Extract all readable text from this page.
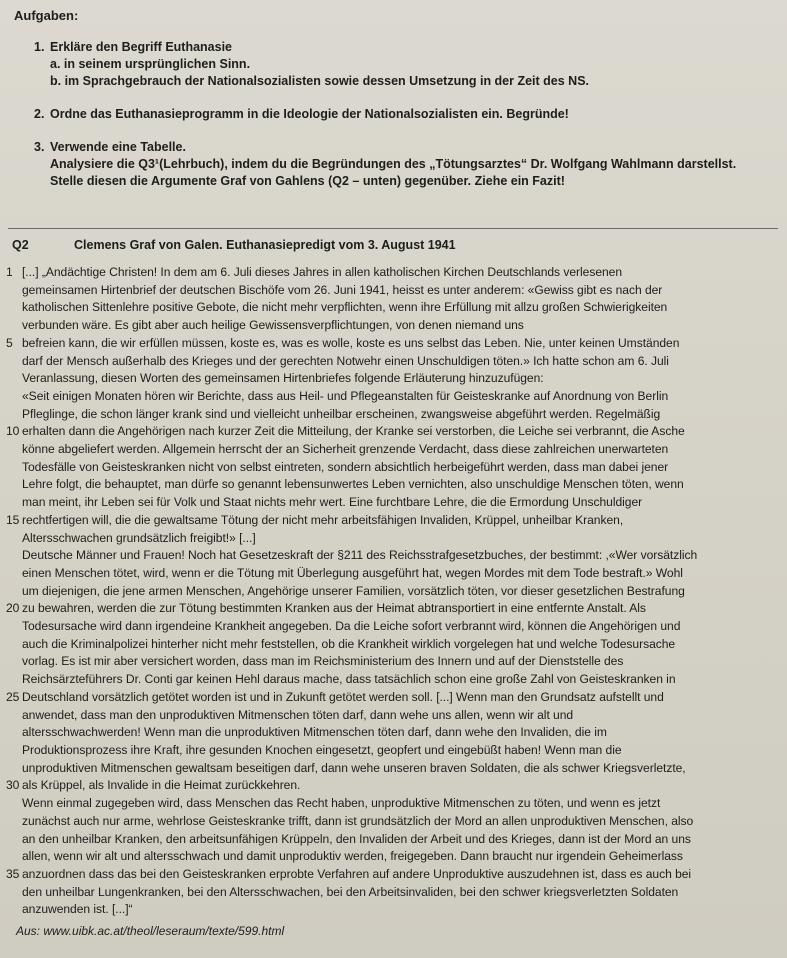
Aufgaben:
1. Erkläre den Begriff Euthanasie
a. in seinem ursprünglichen Sinn.
b. im Sprachgebrauch der Nationalsozialisten sowie dessen Umsetzung in der Zeit des NS.
2. Ordne das Euthanasieprogramm in die Ideologie der Nationalsozialisten ein. Begründe!
3. Verwende eine Tabelle.
Analysiere die Q3¹(Lehrbuch), indem du die Begründungen des „Tötungsarztes“ Dr. Wolfgang Wahlmann darstellst.
Stelle diesen die Argumente Graf von Gahlens (Q2 – unten) gegenüber. Ziehe ein Fazit!
Q2	Clemens Graf von Galen. Euthanasiepredigt vom 3. August 1941
1 [...] „Andächtige Christen! In dem am 6. Juli dieses Jahres in allen katholischen Kirchen Deutschlands verlesenen
gemeinsamen Hirtenbrief der deutschen Bischöfe vom 26. Juni 1941, heisst es unter anderem: «Gewiss gibt es nach der
katholischen Sittenlehre positive Gebote, die nicht mehr verpflichten, wenn ihre Erfüllung mit allzu großen Schwierigkeiten
verbunden wäre. Es gibt aber auch heilige Gewissensverpflichtungen, von denen niemand uns
5 befreien kann, die wir erfüllen müssen, koste es, was es wolle, koste es uns selbst das Leben. Nie, unter keinen Umständen
darf der Mensch außerhalb des Krieges und der gerechten Notwehr einen Unschuldigen töten.» Ich hatte schon am 6. Juli
Veranlassung, diesen Worten des gemeinsamen Hirtenbriefes folgende Erläuterung hinzuzufügen:
«Seit einigen Monaten hören wir Berichte, dass aus Heil- und Pflegeanstalten für Geisteskranke auf Anordnung von Berlin
Pfleglinge, die schon länger krank sind und vielleicht unheilbar erscheinen, zwangsweise abgeführt werden. Regelmäßig
10 erhalten dann die Angehörigen nach kurzer Zeit die Mitteilung, der Kranke sei verstorben, die Leiche sei verbrannt, die Asche
könne abgeliefert werden. Allgemein herrscht der an Sicherheit grenzende Verdacht, dass diese zahlreichen unerwarteten
Todesfälle von Geisteskranken nicht von selbst eintreten, sondern absichtlich herbeigeführt werden, dass man dabei jener
Lehre folgt, die behauptet, man dürfe so genannt lebensunwertes Leben vernichten, also unschuldige Menschen töten, wenn
man meint, ihr Leben sei für Volk und Staat nichts mehr wert. Eine furchtbare Lehre, die die Ermordung Unschuldiger
15 rechtfertigen will, die die gewaltsame Tötung der nicht mehr arbeitsfähigen Invaliden, Krüppel, unheilbar Kranken,
Altersschwachen grundsätzlich freigibt!» [...]
Deutsche Männer und Frauen! Noch hat Gesetzeskraft der §211 des Reichsstrafgesetzbuches, der bestimmt: ,«Wer vorsätzlich
einen Menschen tötet, wird, wenn er die Tötung mit Überlegung ausgeführt hat, wegen Mordes mit dem Tode bestraft.» Wohl
um diejenigen, die jene armen Menschen, Angehörige unserer Familien, vorsätzlich töten, vor dieser gesetzlichen Bestrafung
20 zu bewahren, werden die zur Tötung bestimmten Kranken aus der Heimat abtransportiert in eine entfernte Anstalt. Als
Todesursache wird dann irgendeine Krankheit angegeben. Da die Leiche sofort verbrannt wird, können die Angehörigen und
auch die Kriminalpolizei hinterher nicht mehr feststellen, ob die Krankheit wirklich vorgelegen hat und welche Todesursache
vorlag. Es ist mir aber versichert worden, dass man im Reichsministerium des Innern und auf der Dienststelle des
Reichsärzteführers Dr. Conti gar keinen Hehl daraus mache, dass tatsächlich schon eine große Zahl von Geisteskranken in
25 Deutschland vorsätzlich getötet worden ist und in Zukunft getötet werden soll. [...] Wenn man den Grundsatz aufstellt und
anwendet, dass man den unproduktiven Mitmenschen töten darf, dann wehe uns allen, wenn wir alt und
altersschwachwerden! Wenn man die unproduktiven Mitmenschen töten darf, dann wehe den Invaliden, die im
Produktionsprozess ihre Kraft, ihre gesunden Knochen eingesetzt, geopfert und eingebüßt haben! Wenn man die
unproduktiven Mitmenschen gewaltsam beseitigen darf, dann wehe unseren braven Soldaten, die als schwer Kriegsverletzte,
30 als Krüppel, als Invalide in die Heimat zurückkehren.
Wenn einmal zugegeben wird, dass Menschen das Recht haben, unproduktive Mitmenschen zu töten, und wenn es jetzt
zunächst auch nur arme, wehrlose Geisteskranke trifft, dann ist grundsätzlich der Mord an allen unproduktiven Menschen, also
an den unheilbar Kranken, den arbeitsunfähigen Krüppeln, den Invaliden der Arbeit und des Krieges, dann ist der Mord an uns
allen, wenn wir alt und altersschwach und damit unproduktiv werden, freigegeben. Dann braucht nur irgendein Geheimerlass
35 anzuordnen dass das bei den Geisteskranken erprobte Verfahren auf andere Unproduktive auszudehnen ist, dass es auch bei
den unheilbar Lungenkranken, bei den Altersschwachen, bei den Arbeitsinvaliden, bei den schwer kriegsverletzten Soldaten
anzuwenden ist. [...]“
Aus: www.uibk.ac.at/theol/leseraum/texte/599.html
